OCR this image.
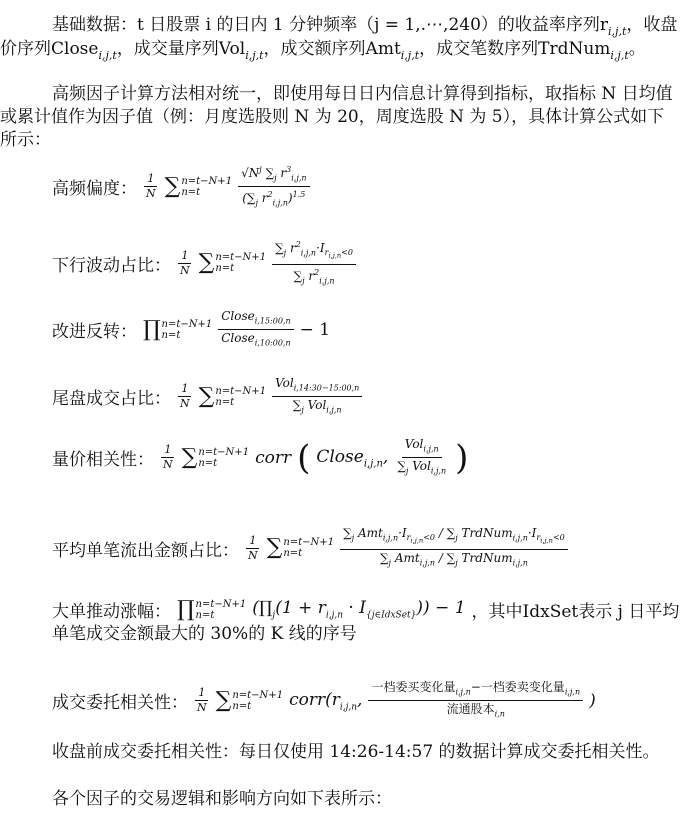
基础数据：t 日股票 i 的日内 1 分钟频率（j = 1,.⋯,240）的收益率序列$r_{i,j,t}$，收盘
价序列Close$_{i,j,t}$，成交量序列Vol$_{i,j,t}$，成交额序列Amt$_{i,j,t}$，成交笔数序列TrdNum$_{i,j,t}$。
高频因子计算方法相对统一，即使用每日日内信息计算得到指标，取指标 N 日均值
或累计值作为因子值（例：月度选股则 N 为 20，周度选股 N 为 5），具体计算公式如下
所示：
高频偏度： $\frac{1}{N}$ ∑ n=t−N+1
n=t	$\frac{√N^j \sum_j r^3_{i,j,n}}{(\sum_j r^2_{i,j,n})^{1.5}}$
下行波动占比： $\frac{1}{N}$ ∑ n=t−N+1
n=t	$\frac{\sum_j r^2_{i,j,n}\cdot I_{r_{i,j,n}<0}}{\sum_j r^2_{i,j,n}}$
改进反转： ∏ n=t−N+1
n=t	$\frac{Close_{i,15:00,n}}{Close_{i,10:00,n}} - 1$
尾盘成交占比： $\frac{1}{N}$ ∑ n=t−N+1
n=t	$\frac{Vol_{i,14:30-15:00,n}}{\sum_j Vol_{i,j,n}}$
量价相关性： $\frac{1}{N}$ ∑ n=t−N+1
n=t	corr ( Close$_{i,j,n}$, $\frac{Vol_{i,j,n}}{\sum_j Vol_{i,j,n}}$ )
平均单笔流出金额占比： $\frac{1}{N}$ ∑ n=t−N+1
n=t	$\frac{\sum_j Amt_{i,j,n}\cdot I_{r_{i,j,n}<0} / \sum_j TrdNum_{i,j,n}\cdot I_{r_{i,j,n}<0}}{\sum_j Amt_{i,j,n} / \sum_j TrdNum_{i,j,n}}$
大单推动涨幅： ∏ n=t−N+1
n=t	$(\prod_j(1 + r_{i,j,n} \cdot I_{\{j\in IdxSet\}})) - 1$ ，其中IdxSet表示 j 日平均
单笔成交金额最大的 30%的 K 线的序号
成交委托相关性： $\frac{1}{N}$ ∑ n=t−N+1
n=t	$corr(r_{i,j,n}$, $\frac{一档委买变化量_{i,j,n}-一档委卖变化量_{i,j,n}}{流通股本_{i,n}}$ )
收盘前成交委托相关性：每日仅使用 14:26-14:57 的数据计算成交委托相关性。
各个因子的交易逻辑和影响方向如下表所示：
